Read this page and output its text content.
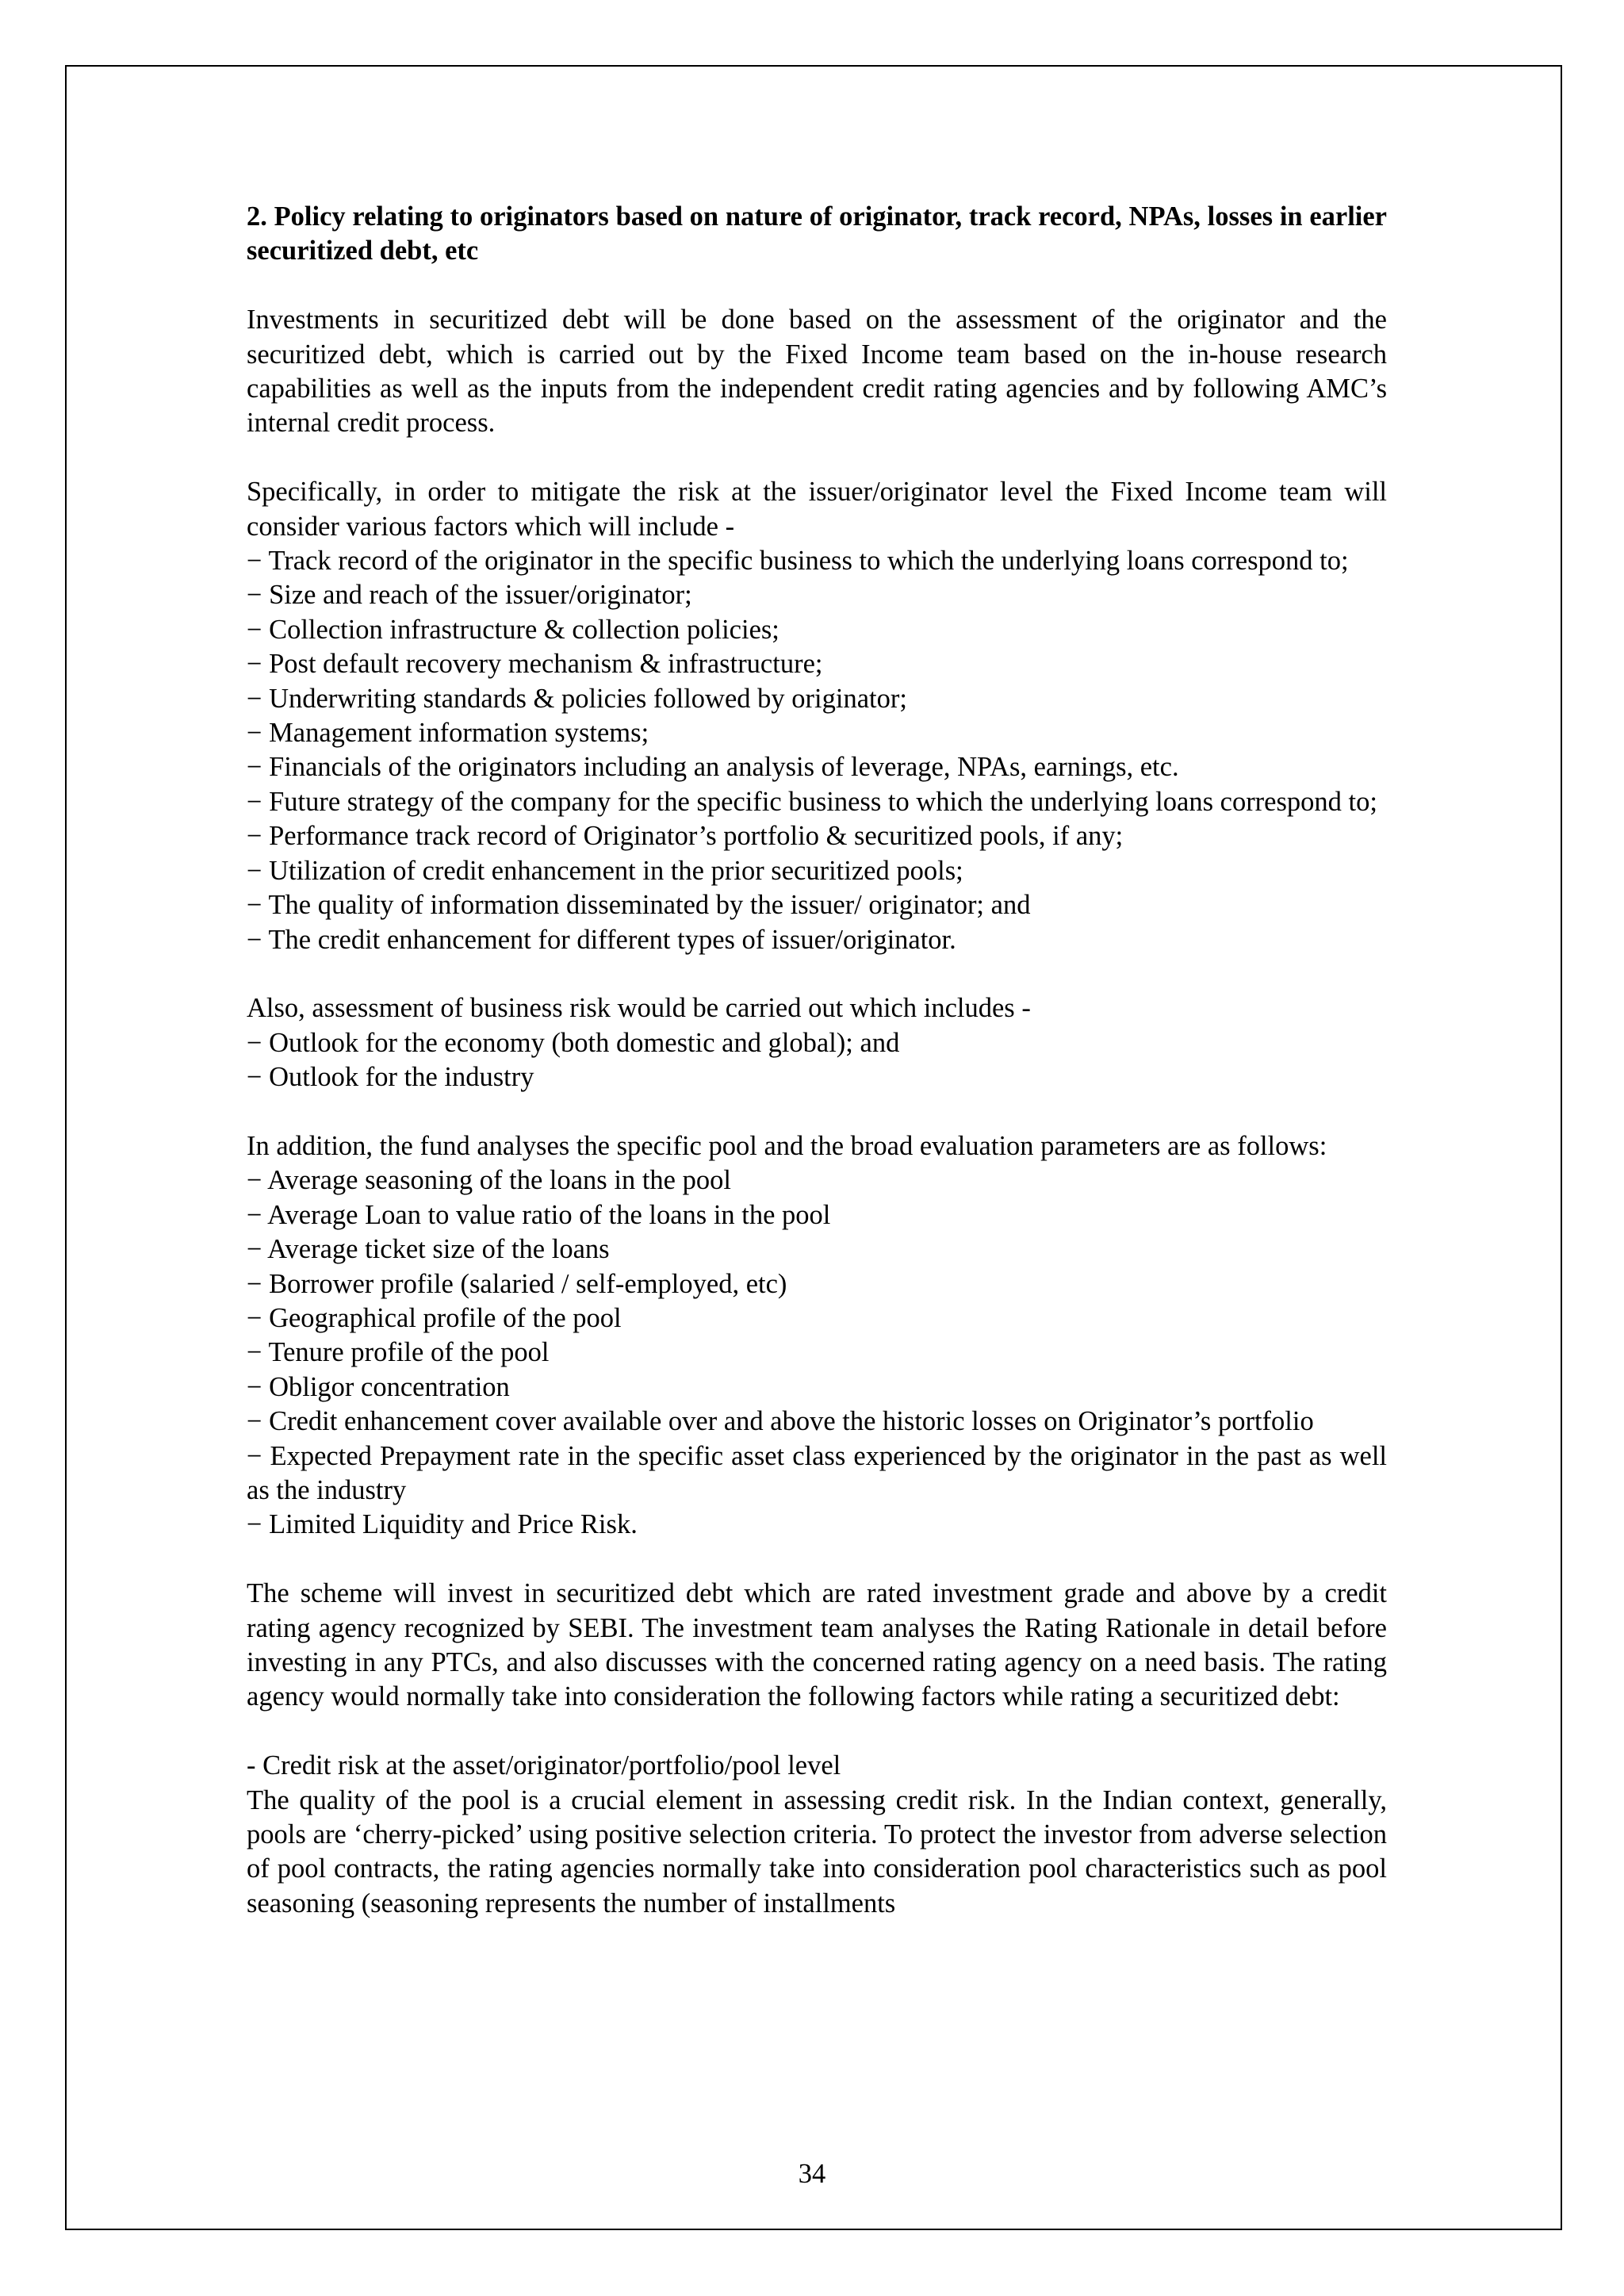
2. Policy relating to originators based on nature of originator, track record, NPAs, losses in earlier securitized debt, etc

Investments in securitized debt will be done based on the assessment of the originator and the securitized debt, which is carried out by the Fixed Income team based on the in-house research capabilities as well as the inputs from the independent credit rating agencies and by following AMC’s internal credit process.

Specifically, in order to mitigate the risk at the issuer/originator level the Fixed Income team will consider various factors which will include -

− Track record of the originator in the specific business to which the underlying loans correspond to;
− Size and reach of the issuer/originator;
− Collection infrastructure & collection policies;
− Post default recovery mechanism & infrastructure;
− Underwriting standards & policies followed by originator;
− Management information systems;
− Financials of the originators including an analysis of leverage, NPAs, earnings, etc.
− Future strategy of the company for the specific business to which the underlying loans correspond to;
− Performance track record of Originator’s portfolio & securitized pools, if any;
− Utilization of credit enhancement in the prior securitized pools;
− The quality of information disseminated by the issuer/ originator; and
− The credit enhancement for different types of issuer/originator.

Also, assessment of business risk would be carried out which includes -

− Outlook for the economy (both domestic and global); and
− Outlook for the industry

In addition, the fund analyses the specific pool and the broad evaluation parameters are as follows:

− Average seasoning of the loans in the pool
− Average Loan to value ratio of the loans in the pool
− Average ticket size of the loans
− Borrower profile (salaried / self-employed, etc)
− Geographical profile of the pool
− Tenure profile of the pool
− Obligor concentration
− Credit enhancement cover available over and above the historic losses on Originator’s portfolio
− Expected Prepayment rate in the specific asset class experienced by the originator in the past as well as the industry
− Limited Liquidity and Price Risk.

The scheme will invest in securitized debt which are rated investment grade and above by a credit rating agency recognized by SEBI. The investment team analyses the Rating Rationale in detail before investing in any PTCs, and also discusses with the concerned rating agency on a need basis. The rating agency would normally take into consideration the following factors while rating a securitized debt:

- Credit risk at the asset/originator/portfolio/pool level

The quality of the pool is a crucial element in assessing credit risk. In the Indian context, generally, pools are ‘cherry-picked’ using positive selection criteria. To protect the investor from adverse selection of pool contracts, the rating agencies normally take into consideration pool characteristics such as pool seasoning (seasoning represents the number of installments

34
